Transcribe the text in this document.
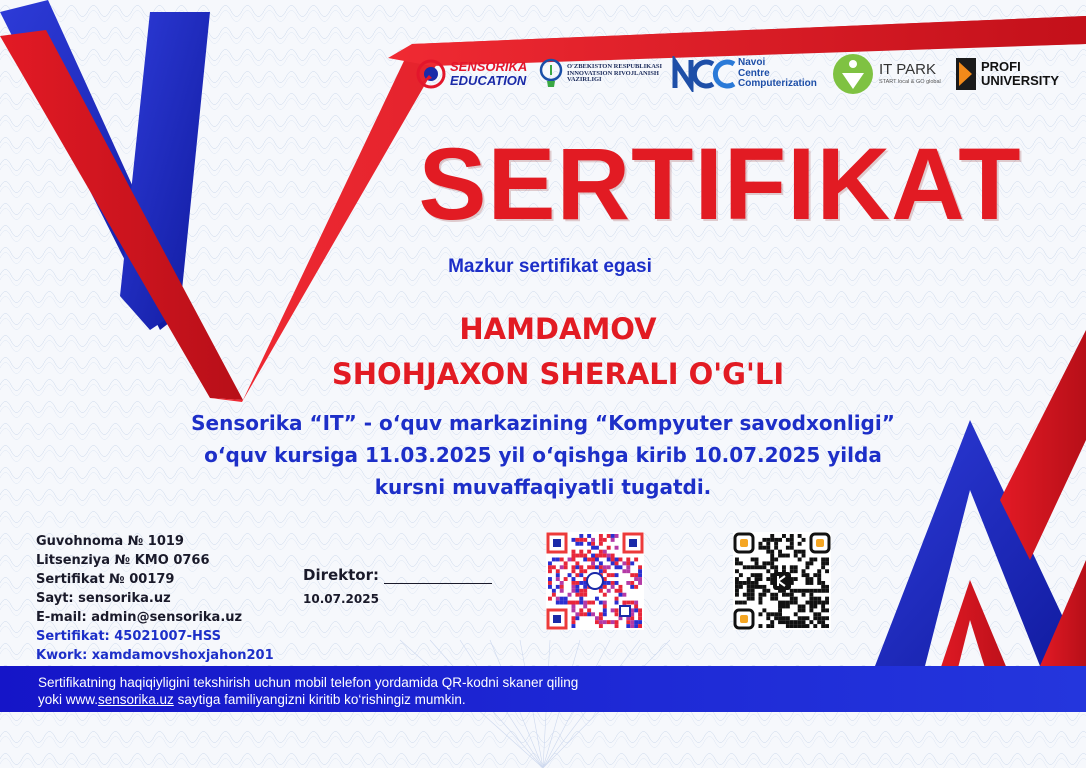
SENSORIKA
EDUCATION
O'ZBEKISTON RESPUBLIKASI
INNOVATSION RIVOJLANISH
VAZIRLIGI
Navoi
Centre
Computerization
IT PARK
START local & GO global
PROFI
UNIVERSITY
SERTIFIKAT
Mazkur sertifikat egasi
HAMDAMOV
SHOHJAXON SHERALI O'G'LI
Sensorika “IT” - o‘quv markazining “Kompyuter savodxonligi”
o‘quv kursiga 11.03.2025 yil o‘qishga kirib 10.07.2025 yilda
kursni muvaffaqiyatli tugatdi.
Guvohnoma № 1019
Litsenziya № KMO 0766
Sertifikat № 00179
Sayt: sensorika.uz
E-mail: admin@sensorika.uz
Sertifikat: 45021007-HSS
Kwork: xamdamovshoxjahon201
Direktor:
10.07.2025
Sertifikatning haqiqiyligini tekshirish uchun mobil telefon yordamida QR-kodni skaner qiling
yoki www.sensorika.uz saytiga familiyangizni kiritib ko‘rishingiz mumkin.
